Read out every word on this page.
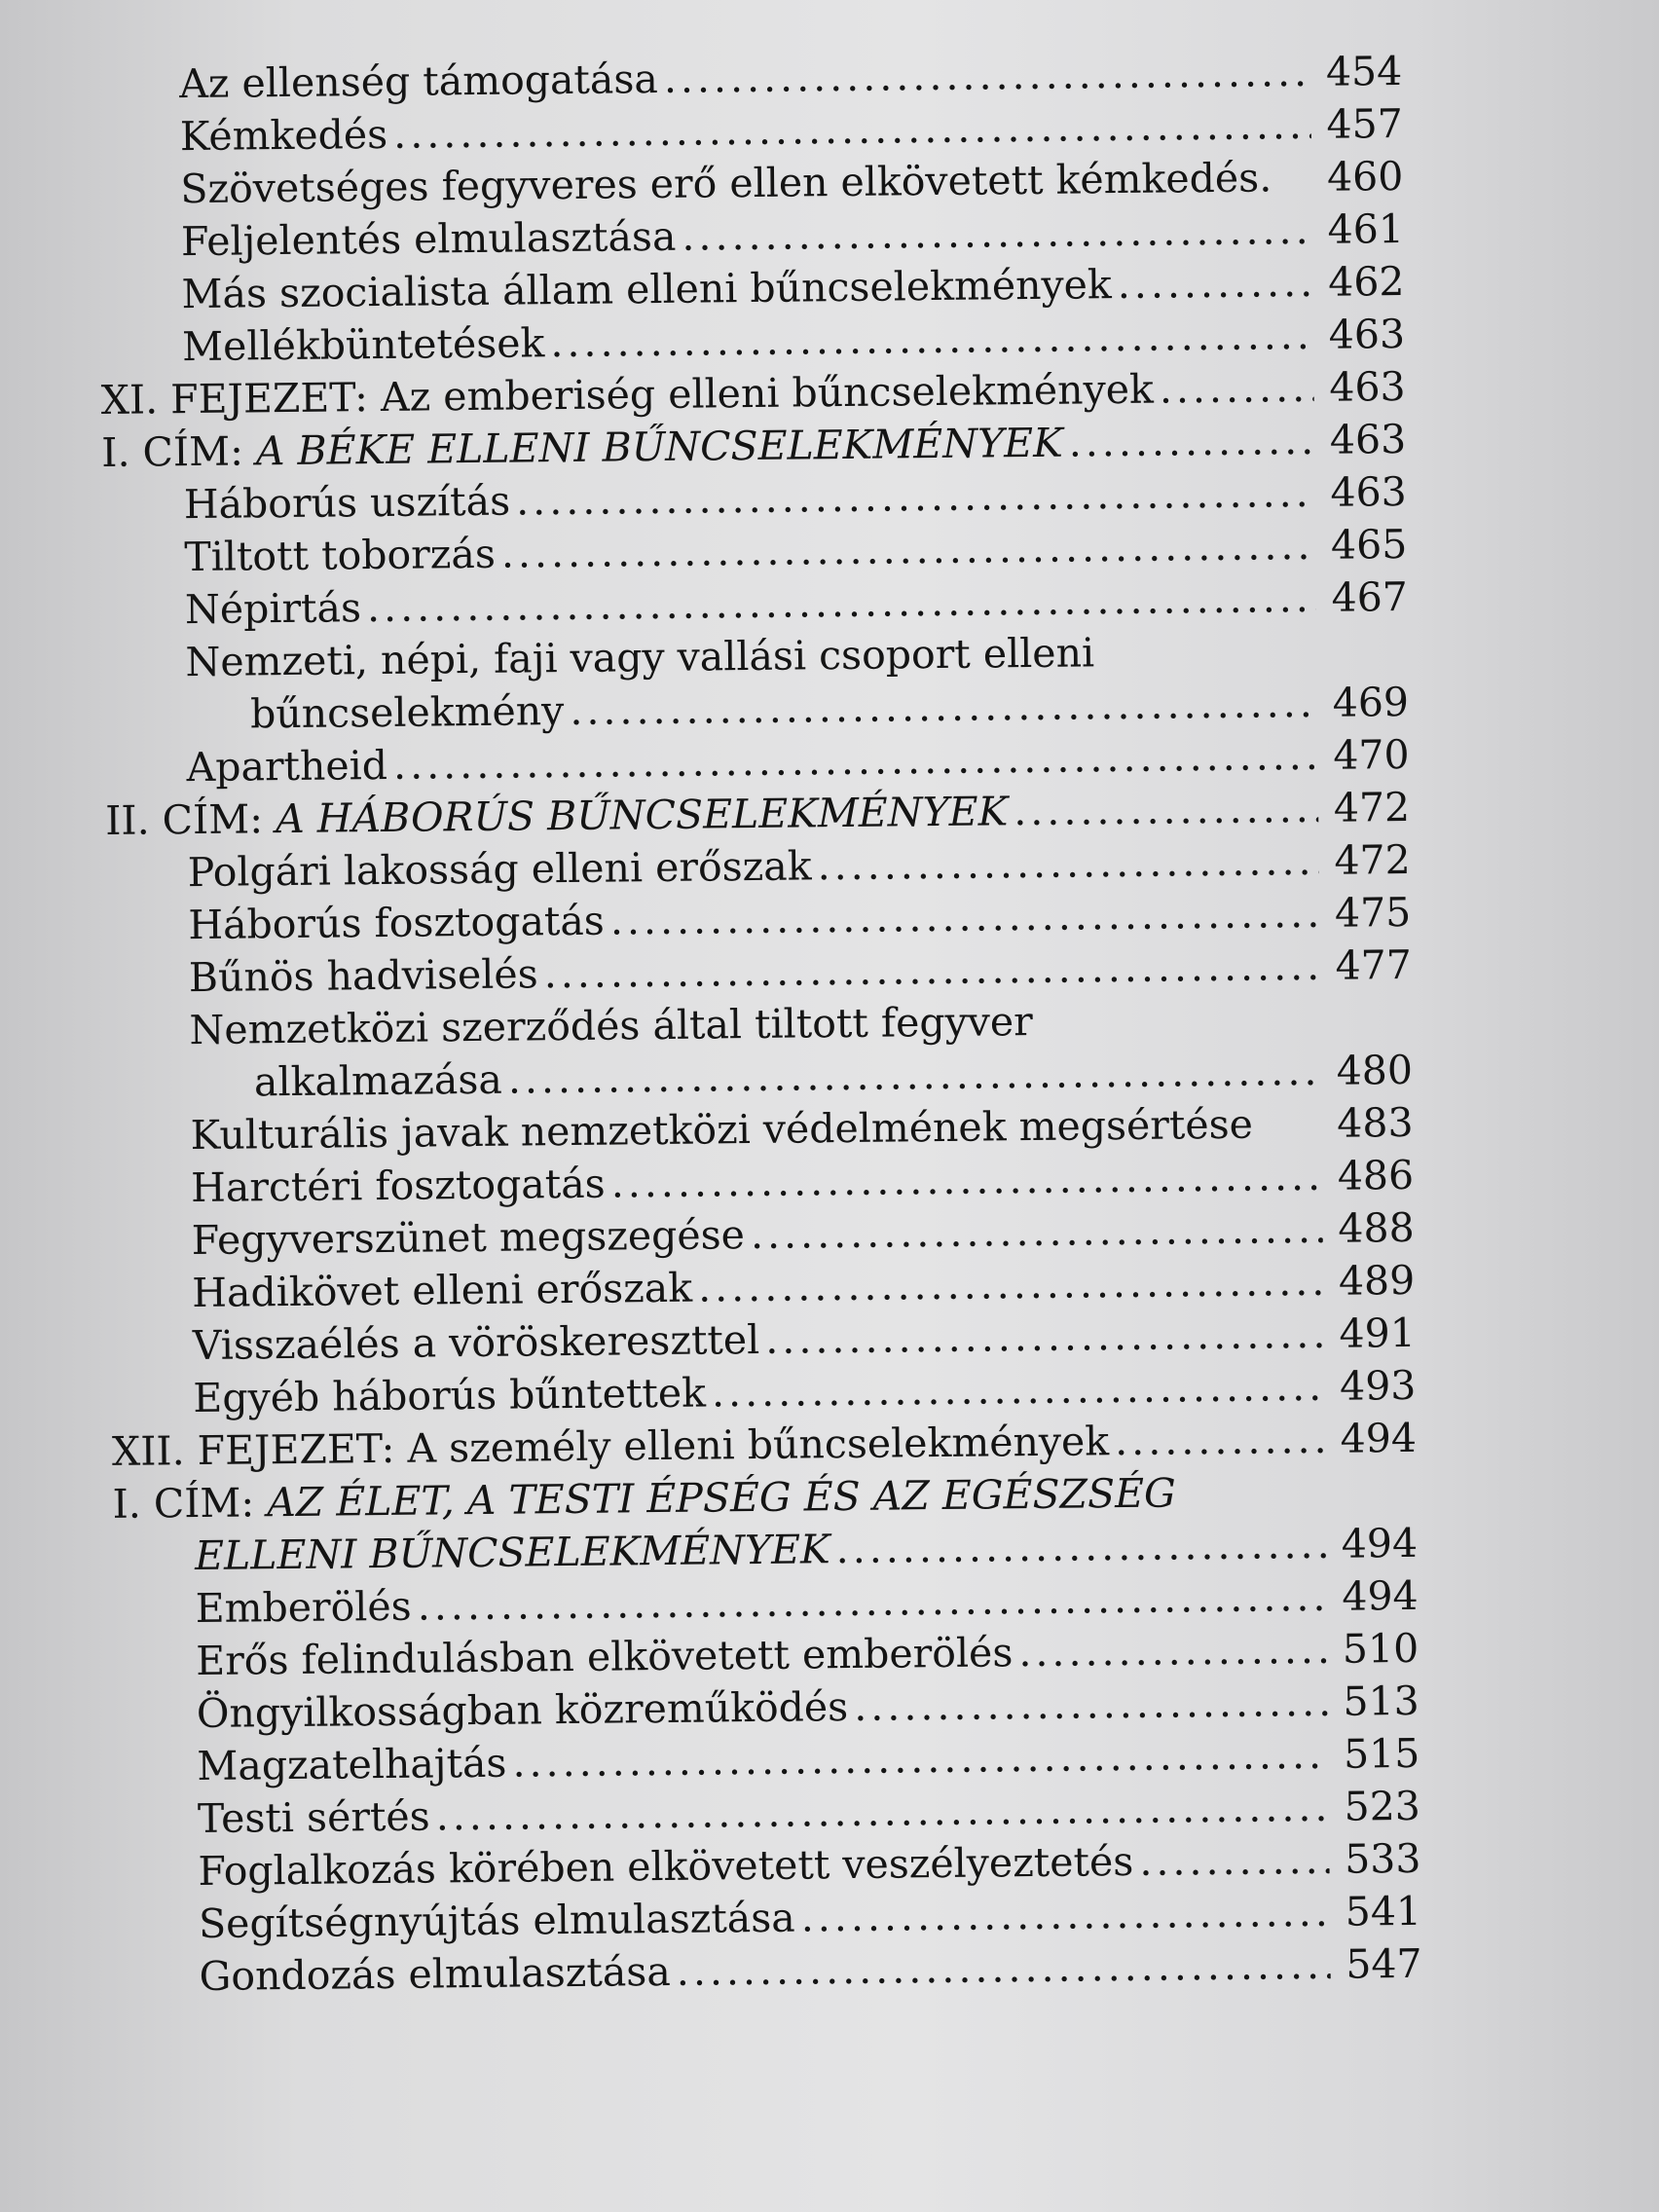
Az ellenség támogatása .....	454
Kémkedés .....	457
Szövetséges fegyveres erő ellen elkövetett kémkedés.	460
Feljelentés elmulasztása .....	461
Más szocialista állam elleni bűncselekmények .....	462
Mellékbüntetések .....	463
XI. FEJEZET: Az emberiség elleni bűncselekmények .....	463
I. CÍM: A BÉKE ELLENI BŰNCSELEKMÉNYEK .....	463
Háborús uszítás .....	463
Tiltott toborzás .....	465
Népirtás .....	467
Nemzeti, népi, faji vagy vallási csoport elleni
bűncselekmény .....	469
Apartheid .....	470
II. CÍM: A HÁBORÚS BŰNCSELEKMÉNYEK .....	472
Polgári lakosság elleni erőszak .....	472
Háborús fosztogatás .....	475
Bűnös hadviselés .....	477
Nemzetközi szerződés által tiltott fegyver
alkalmazása .....	480
Kulturális javak nemzetközi védelmének megsértése	483
Harctéri fosztogatás .....	486
Fegyverszünet megszegése .....	488
Hadikövet elleni erőszak .....	489
Visszaélés a vöröskereszttel .....	491
Egyéb háborús bűntettek .....	493
XII. FEJEZET: A személy elleni bűncselekmények .....	494
I. CÍM: AZ ÉLET, A TESTI ÉPSÉG ÉS AZ EGÉSZSÉG
ELLENI BŰNCSELEKMÉNYEK .....	494
Emberölés .....	494
Erős felindulásban elkövetett emberölés .....	510
Öngyilkosságban közreműködés .....	513
Magzatelhajtás .....	515
Testi sértés .....	523
Foglalkozás körében elkövetett veszélyeztetés .....	533
Segítségnyújtás elmulasztása .....	541
Gondozás elmulasztása .....	547
